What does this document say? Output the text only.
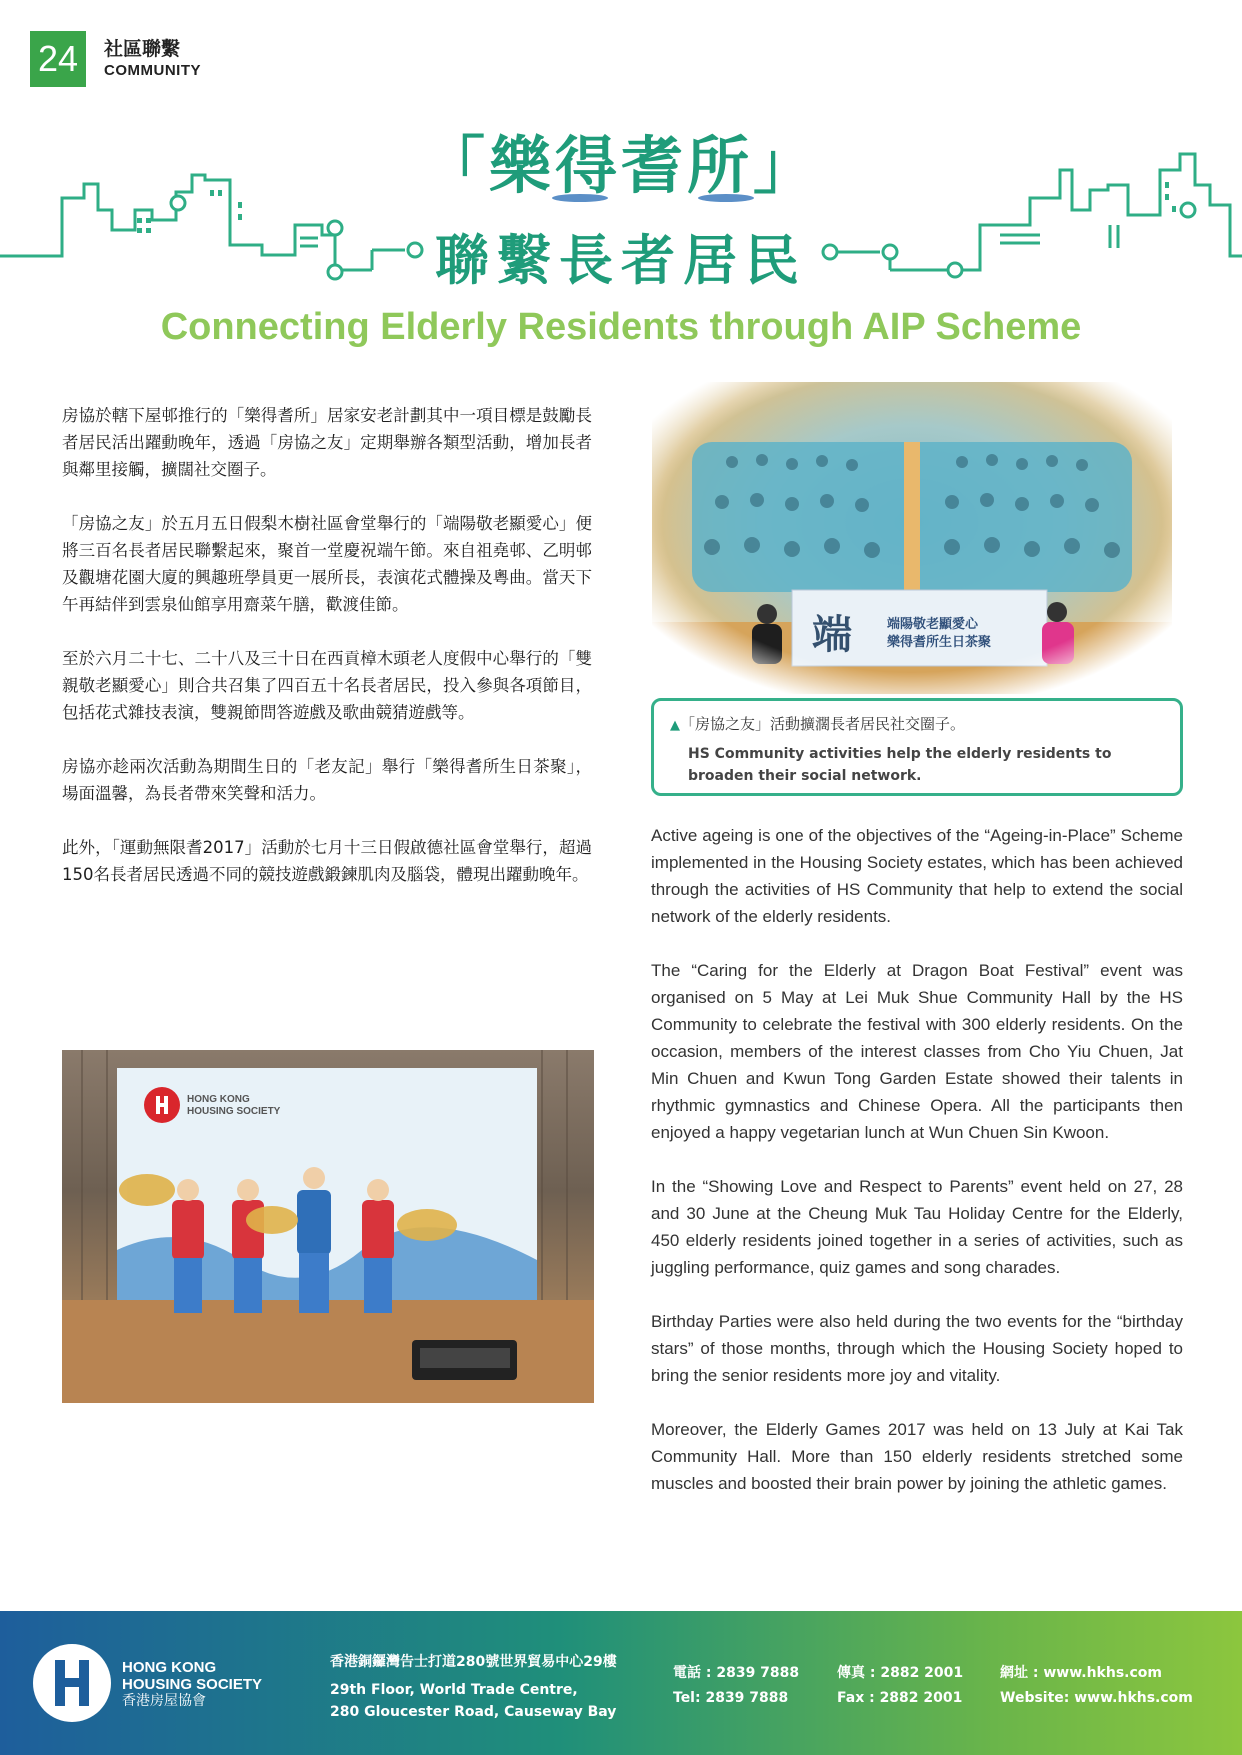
24	社區聯繫
COMMUNITY
「樂得耆所」
聯繫長者居民
Connecting Elderly Residents through AIP Scheme

房協於轄下屋邨推行的「樂得耆所」居家安老計劃其中一項目標是鼓勵長者居民活出躍動晚年，透過「房協之友」定期舉辦各類型活動，增加長者與鄰里接觸，擴闊社交圈子。

「房協之友」於五月五日假梨木樹社區會堂舉行的「端陽敬老顯愛心」便將三百名長者居民聯繫起來，聚首一堂慶祝端午節。來自祖堯邨、乙明邨及觀塘花園大廈的興趣班學員更一展所長，表演花式體操及粵曲。當天下午再結伴到雲泉仙館享用齋菜午膳，歡渡佳節。

至於六月二十七、二十八及三十日在西貢樟木頭老人度假中心舉行的「雙親敬老顯愛心」則合共召集了四百五十名長者居民，投入參與各項節目，包括花式雜技表演，雙親節問答遊戲及歌曲競猜遊戲等。

房協亦趁兩次活動為期間生日的「老友記」舉行「樂得耆所生日茶聚」，場面溫馨，為長者帶來笑聲和活力。

此外，「運動無限耆2017」活動於七月十三日假啟德社區會堂舉行，超過150名長者居民透過不同的競技遊戲鍛鍊肌肉及腦袋，體現出躍動晚年。

▲「房協之友」活動擴濶長者居民社交圈子。
HS Community activities help the elderly residents to broaden their social network.

Active ageing is one of the objectives of the “Ageing-in-Place” Scheme implemented in the Housing Society estates, which has been achieved through the activities of HS Community that help to extend the social network of the elderly residents.

The “Caring for the Elderly at Dragon Boat Festival” event was organised on 5 May at Lei Muk Shue Community Hall by the HS Community to celebrate the festival with 300 elderly residents. On the occasion, members of the interest classes from Cho Yiu Chuen, Jat Min Chuen and Kwun Tong Garden Estate showed their talents in rhythmic gymnastics and Chinese Opera. All the participants then enjoyed a happy vegetarian lunch at Wun Chuen Sin Kwoon.

In the “Showing Love and Respect to Parents” event held on 27, 28 and 30 June at the Cheung Muk Tau Holiday Centre for the Elderly, 450 elderly residents joined together in a series of activities, such as juggling performance, quiz games and song charades.

Birthday Parties were also held during the two events for the “birthday stars” of those months, through which the Housing Society hoped to bring the senior residents more joy and vitality.

Moreover, the Elderly Games 2017 was held on 13 July at Kai Tak Community Hall. More than 150 elderly residents stretched some muscles and boosted their brain power by joining the athletic games.

HONG KONG
HOUSING SOCIETY
HONG KONG
HOUSING SOCIETY
香港房屋協會
香港銅鑼灣告士打道280號世界貿易中心29樓
29th Floor, World Trade Centre,
280 Gloucester Road, Causeway Bay
電話 : 2839 7888
Tel: 2839 7888
傳真 : 2882 2001
Fax : 2882 2001
網址 : www.hkhs.com
Website: www.hkhs.com
